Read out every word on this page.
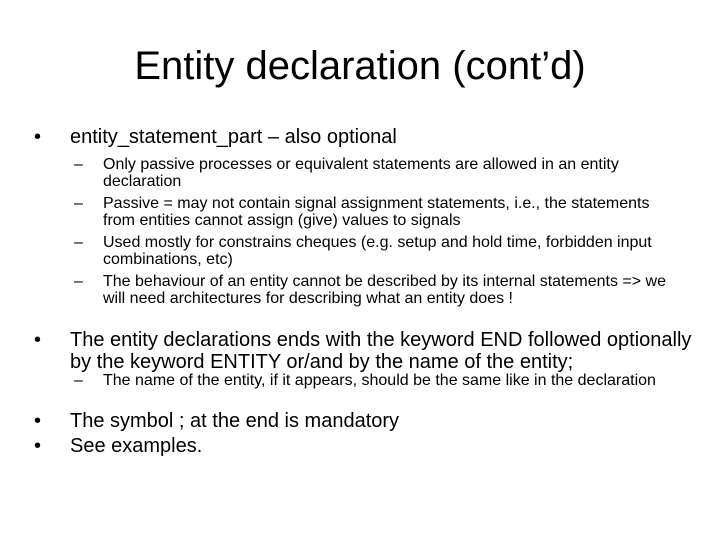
Entity declaration (cont’d)
•	entity_statement_part – also optional
–	Only passive processes or equivalent statements are allowed in an entity declaration
–	Passive = may not contain signal assignment statements, i.e., the statements from entities cannot assign (give) values to signals
–	Used mostly for constrains cheques (e.g. setup and hold time, forbidden input combinations, etc)
–	The behaviour of an entity cannot be described by its internal statements => we will need architectures for describing what an entity does !
•	The entity declarations ends with the keyword END followed optionally by the keyword ENTITY or/and by the name of the entity;
–	The name of the entity, if it appears, should be the same like in the declaration
•	The symbol ; at the end is mandatory
•	See examples.
